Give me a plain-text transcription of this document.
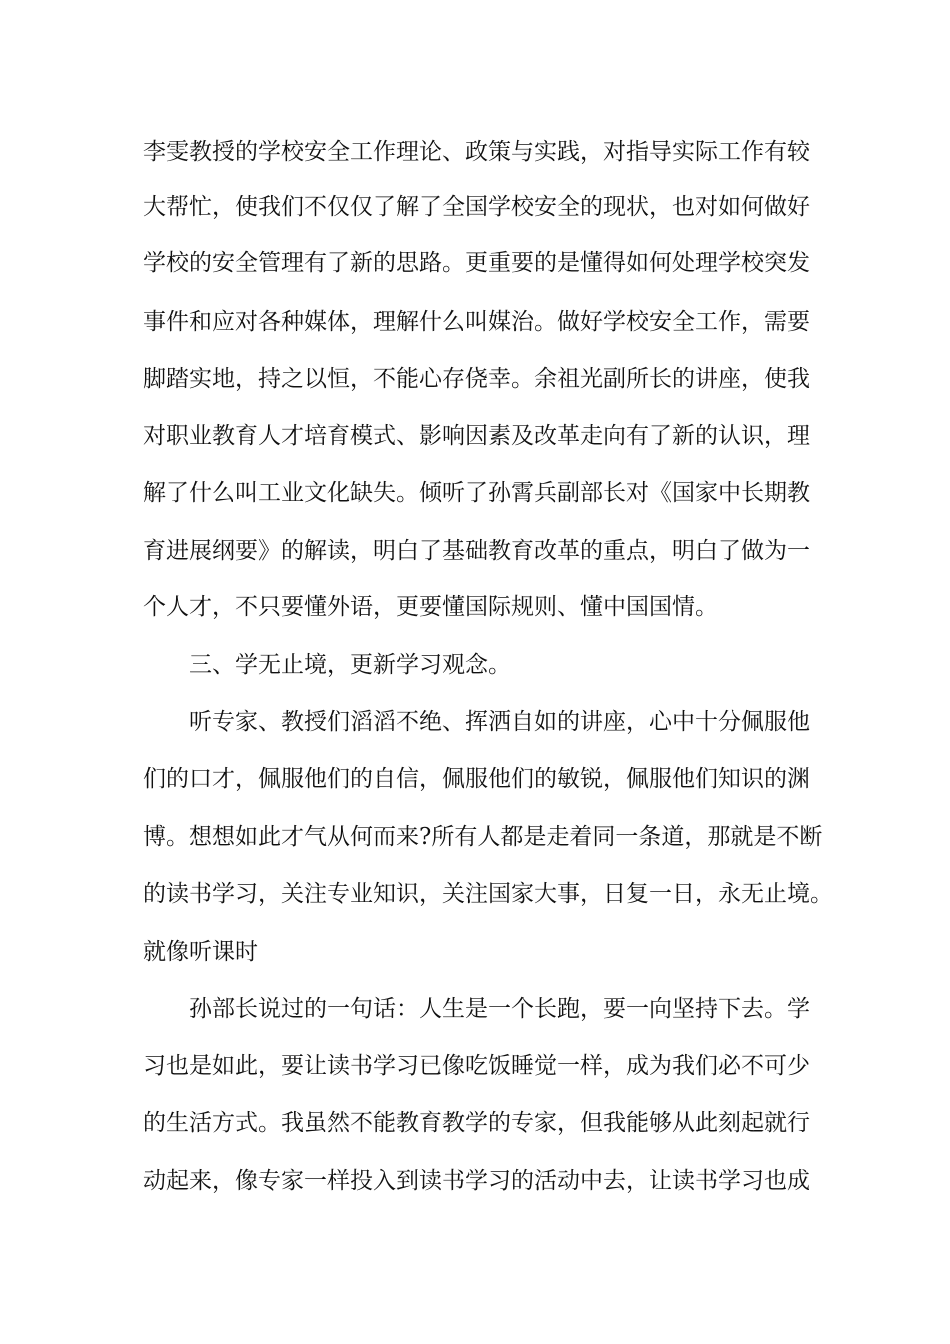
李雯教授的学校安全工作理论、政策与实践，对指导实际工作有较
大帮忙，使我们不仅仅了解了全国学校安全的现状，也对如何做好
学校的安全管理有了新的思路。更重要的是懂得如何处理学校突发
事件和应对各种媒体，理解什么叫媒治。做好学校安全工作，需要
脚踏实地，持之以恒，不能心存侥幸。余祖光副所长的讲座，使我
对职业教育人才培育模式、影响因素及改革走向有了新的认识，理
解了什么叫工业文化缺失。倾听了孙霄兵副部长对《国家中长期教
育进展纲要》的解读，明白了基础教育改革的重点，明白了做为一
个人才，不只要懂外语，更要懂国际规则、懂中国国情。
三、学无止境，更新学习观念。
听专家、教授们滔滔不绝、挥洒自如的讲座，心中十分佩服他
们的口才，佩服他们的自信，佩服他们的敏锐，佩服他们知识的渊
博。想想如此才气从何而来?所有人都是走着同一条道，那就是不断
的读书学习，关注专业知识，关注国家大事，日复一日，永无止境。
就像听课时
孙部长说过的一句话：人生是一个长跑，要一向坚持下去。学
习也是如此，要让读书学习已像吃饭睡觉一样，成为我们必不可少
的生活方式。我虽然不能教育教学的专家，但我能够从此刻起就行
动起来，像专家一样投入到读书学习的活动中去，让读书学习也成
